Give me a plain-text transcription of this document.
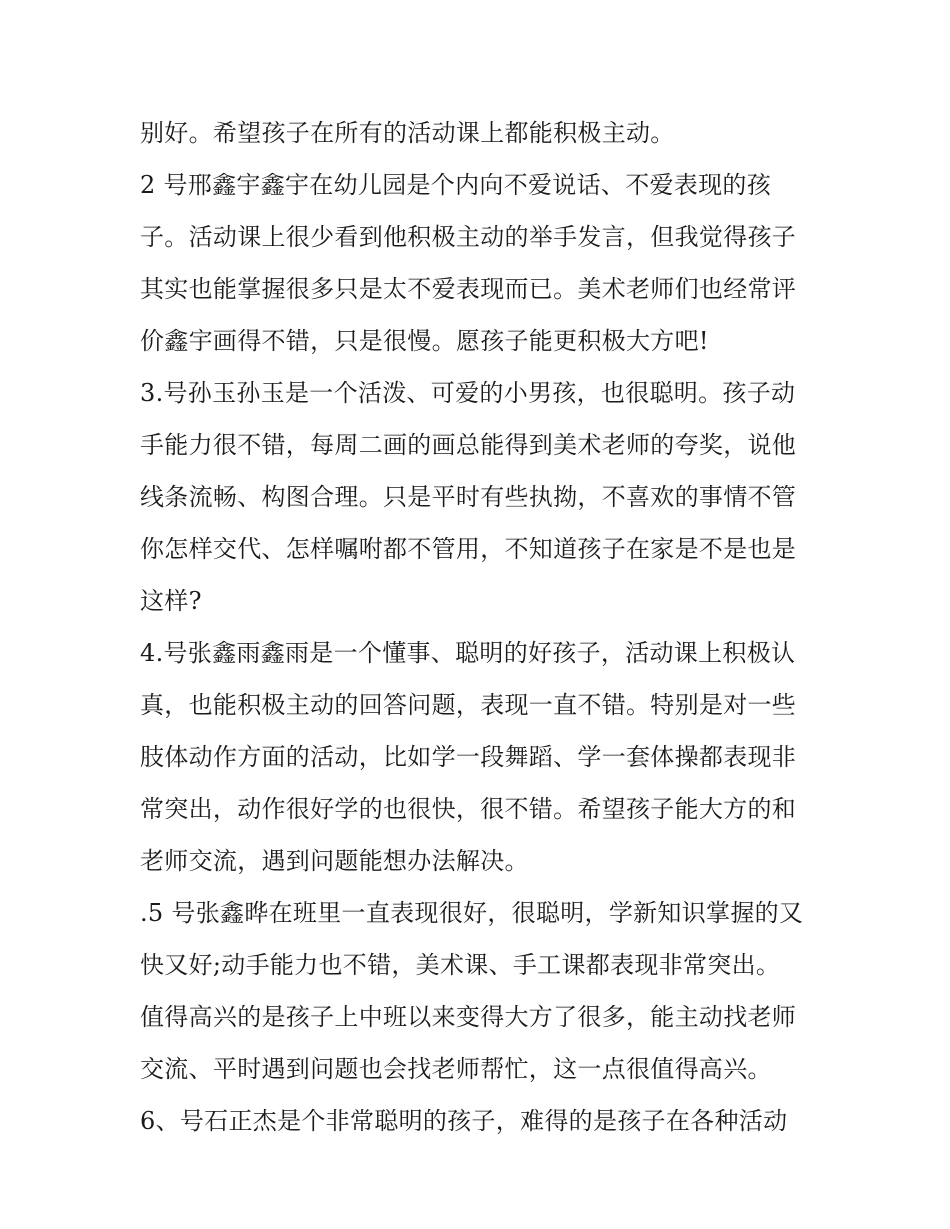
别好。希望孩子在所有的活动课上都能积极主动。
2 号邢鑫宇鑫宇在幼儿园是个内向不爱说话、不爱表现的孩
子。活动课上很少看到他积极主动的举手发言，但我觉得孩子
其实也能掌握很多只是太不爱表现而已。美术老师们也经常评
价鑫宇画得不错，只是很慢。愿孩子能更积极大方吧!
3.号孙玉孙玉是一个活泼、可爱的小男孩，也很聪明。孩子动
手能力很不错，每周二画的画总能得到美术老师的夸奖，说他
线条流畅、构图合理。只是平时有些执拗，不喜欢的事情不管
你怎样交代、怎样嘱咐都不管用，不知道孩子在家是不是也是
这样?
4.号张鑫雨鑫雨是一个懂事、聪明的好孩子，活动课上积极认
真，也能积极主动的回答问题，表现一直不错。特别是对一些
肢体动作方面的活动，比如学一段舞蹈、学一套体操都表现非
常突出，动作很好学的也很快，很不错。希望孩子能大方的和
老师交流，遇到问题能想办法解决。
.5 号张鑫晔在班里一直表现很好，很聪明，学新知识掌握的又
快又好;动手能力也不错，美术课、手工课都表现非常突出。
值得高兴的是孩子上中班以来变得大方了很多，能主动找老师
交流、平时遇到问题也会找老师帮忙，这一点很值得高兴。
6、号石正杰是个非常聪明的孩子，难得的是孩子在各种活动
